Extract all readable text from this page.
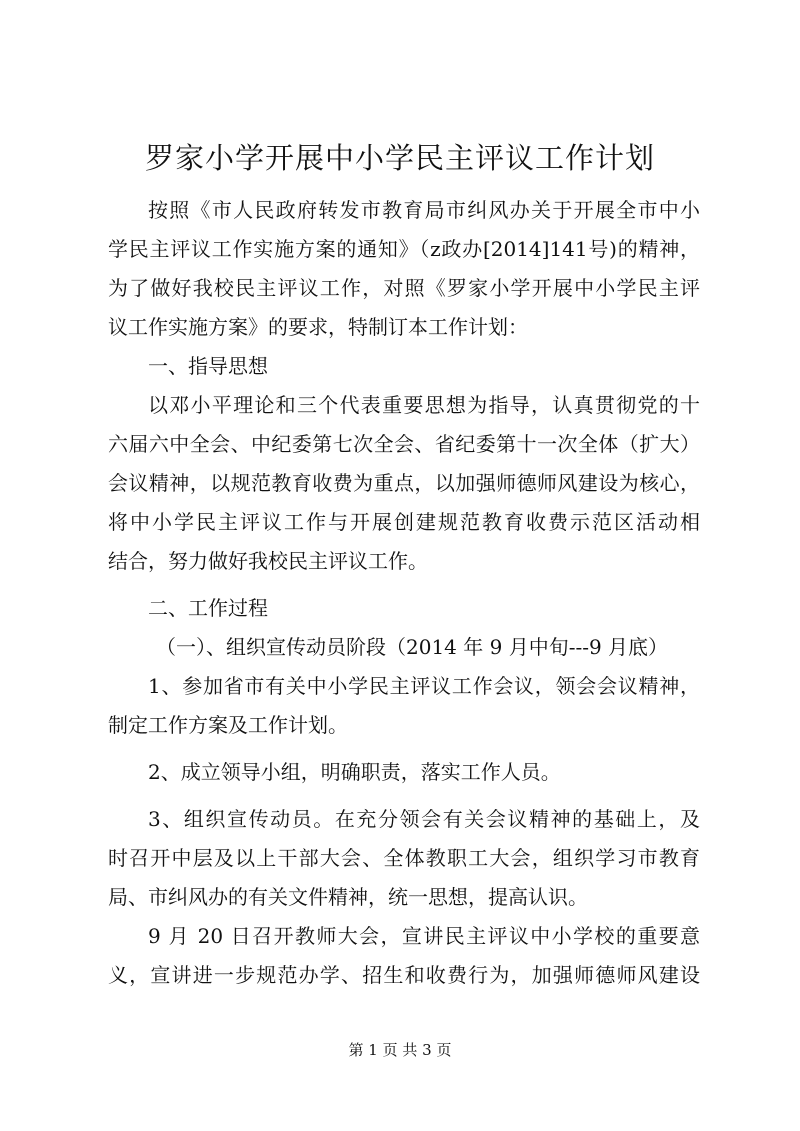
罗家小学开展中小学民主评议工作计划

按照《市人民政府转发市教育局市纠风办关于开展全市中小

学民主评议工作实施方案的通知》（z政办[2014]141号)的精神，

为了做好我校民主评议工作，对照《罗家小学开展中小学民主评

议工作实施方案》的要求，特制订本工作计划：

一、指导思想

以邓小平理论和三个代表重要思想为指导，认真贯彻党的十

六届六中全会、中纪委第七次全会、省纪委第十一次全体（扩大）

会议精神，以规范教育收费为重点，以加强师德师风建设为核心，

将中小学民主评议工作与开展创建规范教育收费示范区活动相

结合，努力做好我校民主评议工作。

二、工作过程

（一）、组织宣传动员阶段（2014 年 9 月中旬---9 月底）

1、参加省市有关中小学民主评议工作会议，领会会议精神，

制定工作方案及工作计划。

2、成立领导小组，明确职责，落实工作人员。

3、组织宣传动员。在充分领会有关会议精神的基础上，及

时召开中层及以上干部大会、全体教职工大会，组织学习市教育

局、市纠风办的有关文件精神，统一思想，提高认识。

9 月 20 日召开教师大会，宣讲民主评议中小学校的重要意

义，宣讲进一步规范办学、招生和收费行为，加强师德师风建设

第 1 页 共 3 页
